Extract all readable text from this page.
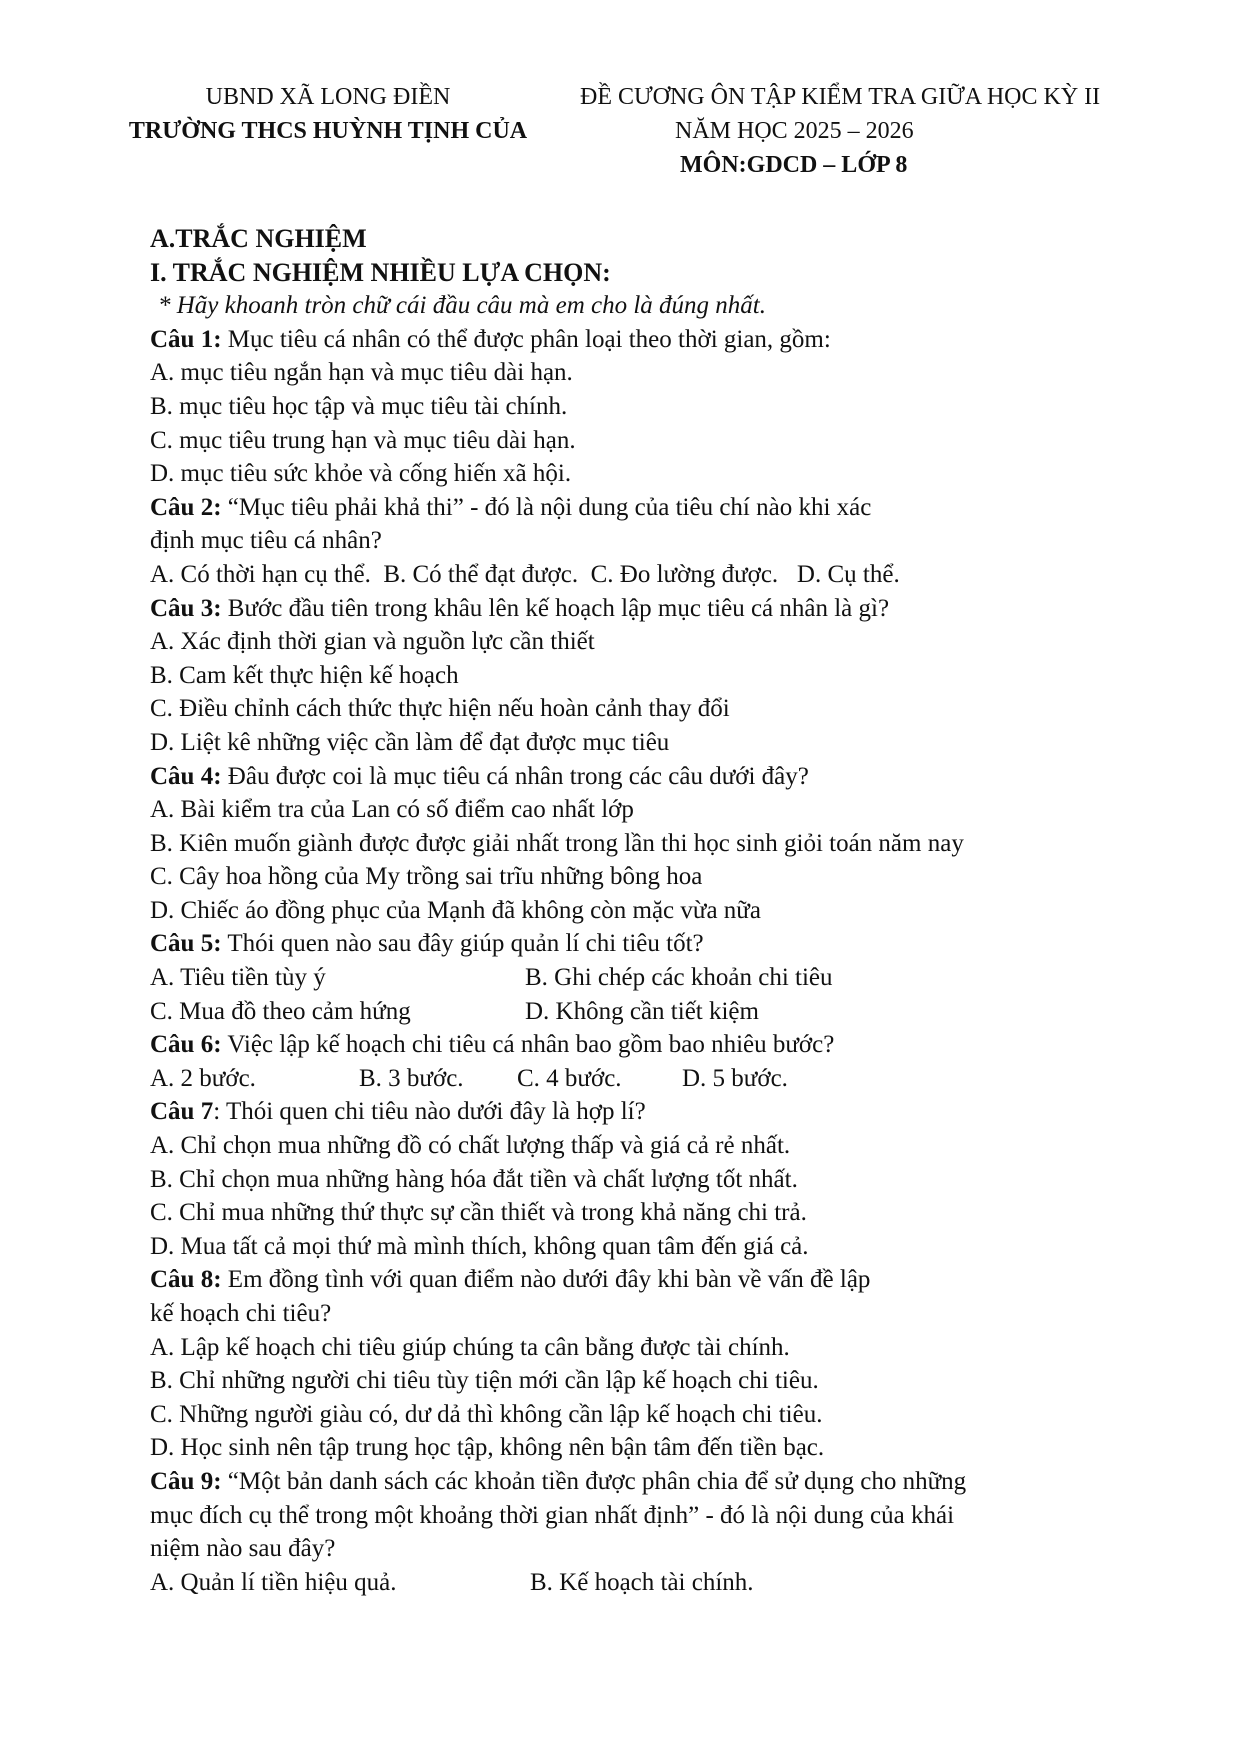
UBND XÃ LONG ĐIỀN
TRƯỜNG THCS HUỲNH TỊNH CỦA
ĐỀ CƯƠNG ÔN TẬP KIỂM TRA GIỮA HỌC KỲ II
NĂM HỌC 2025 – 2026
MÔN:GDCD – LỚP 8
A.TRẮC NGHIỆM
I. TRẮC NGHIỆM NHIỀU LỰA CHỌN:
* Hãy khoanh tròn chữ cái đầu câu mà em cho là đúng nhất.
Câu 1: Mục tiêu cá nhân có thể được phân loại theo thời gian, gồm:
A. mục tiêu ngắn hạn và mục tiêu dài hạn.
B. mục tiêu học tập và mục tiêu tài chính.
C. mục tiêu trung hạn và mục tiêu dài hạn.
D. mục tiêu sức khỏe và cống hiến xã hội.
Câu 2: “Mục tiêu phải khả thi” - đó là nội dung của tiêu chí nào khi xác
định mục tiêu cá nhân?
A. Có thời hạn cụ thể.  B. Có thể đạt được.  C. Đo lường được.   D. Cụ thể.
Câu 3: Bước đầu tiên trong khâu lên kế hoạch lập mục tiêu cá nhân là gì?
A. Xác định thời gian và nguồn lực cần thiết
B. Cam kết thực hiện kế hoạch
C. Điều chỉnh cách thức thực hiện nếu hoàn cảnh thay đổi
D. Liệt kê những việc cần làm để đạt được mục tiêu
Câu 4: Đâu được coi là mục tiêu cá nhân trong các câu dưới đây?
A. Bài kiểm tra của Lan có số điểm cao nhất lớp
B. Kiên muốn giành được được giải nhất trong lần thi học sinh giỏi toán năm nay
C. Cây hoa hồng của My trồng sai trĩu những bông hoa
D. Chiếc áo đồng phục của Mạnh đã không còn mặc vừa nữa
Câu 5: Thói quen nào sau đây giúp quản lí chi tiêu tốt?
A. Tiêu tiền tùy ý	B. Ghi chép các khoản chi tiêu
C. Mua đồ theo cảm hứng	D. Không cần tiết kiệm
Câu 6: Việc lập kế hoạch chi tiêu cá nhân bao gồm bao nhiêu bước?
A. 2 bước.	B. 3 bước.	C. 4 bước.	D. 5 bước.
Câu 7: Thói quen chi tiêu nào dưới đây là hợp lí?
A. Chỉ chọn mua những đồ có chất lượng thấp và giá cả rẻ nhất.
B. Chỉ chọn mua những hàng hóa đắt tiền và chất lượng tốt nhất.
C. Chỉ mua những thứ thực sự cần thiết và trong khả năng chi trả.
D. Mua tất cả mọi thứ mà mình thích, không quan tâm đến giá cả.
Câu 8: Em đồng tình với quan điểm nào dưới đây khi bàn về vấn đề lập
kế hoạch chi tiêu?
A. Lập kế hoạch chi tiêu giúp chúng ta cân bằng được tài chính.
B. Chỉ những người chi tiêu tùy tiện mới cần lập kế hoạch chi tiêu.
C. Những người giàu có, dư dả thì không cần lập kế hoạch chi tiêu.
D. Học sinh nên tập trung học tập, không nên bận tâm đến tiền bạc.
Câu 9: “Một bản danh sách các khoản tiền được phân chia để sử dụng cho những
mục đích cụ thể trong một khoảng thời gian nhất định” - đó là nội dung của khái
niệm nào sau đây?
A. Quản lí tiền hiệu quả.	B. Kế hoạch tài chính.
